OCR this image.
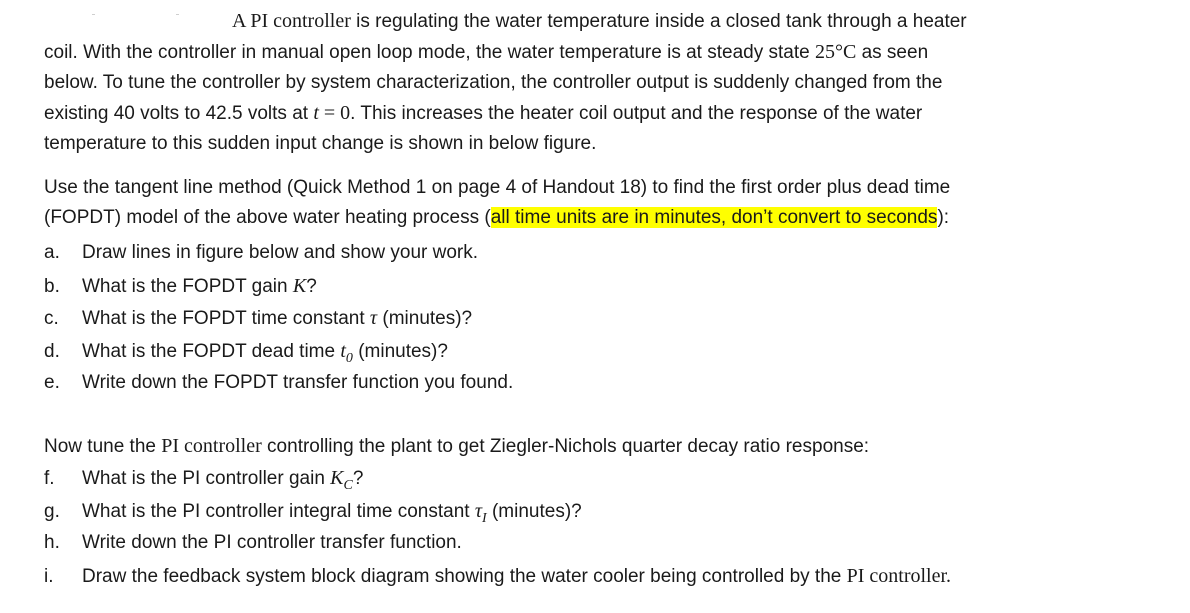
A PI controller is regulating the water temperature inside a closed tank through a heater
coil. With the controller in manual open loop mode, the water temperature is at steady state 25°C as seen
below. To tune the controller by system characterization, the controller output is suddenly changed from the
existing 40 volts to 42.5 volts at t = 0. This increases the heater coil output and the response of the water
temperature to this sudden input change is shown in below figure.
Use the tangent line method (Quick Method 1 on page 4 of Handout 18) to find the first order plus dead time
(FOPDT) model of the above water heating process (all time units are in minutes, don’t convert to seconds):
a. Draw lines in figure below and show your work.
b. What is the FOPDT gain K?
c. What is the FOPDT time constant τ (minutes)?
d. What is the FOPDT dead time $t_0$ (minutes)?
e. Write down the FOPDT transfer function you found.
Now tune the PI controller controlling the plant to get Ziegler-Nichols quarter decay ratio response:
f. What is the PI controller gain $K_C$?
g. What is the PI controller integral time constant $\tau_I$ (minutes)?
h. Write down the PI controller transfer function.
i. Draw the feedback system block diagram showing the water cooler being controlled by the PI controller.
